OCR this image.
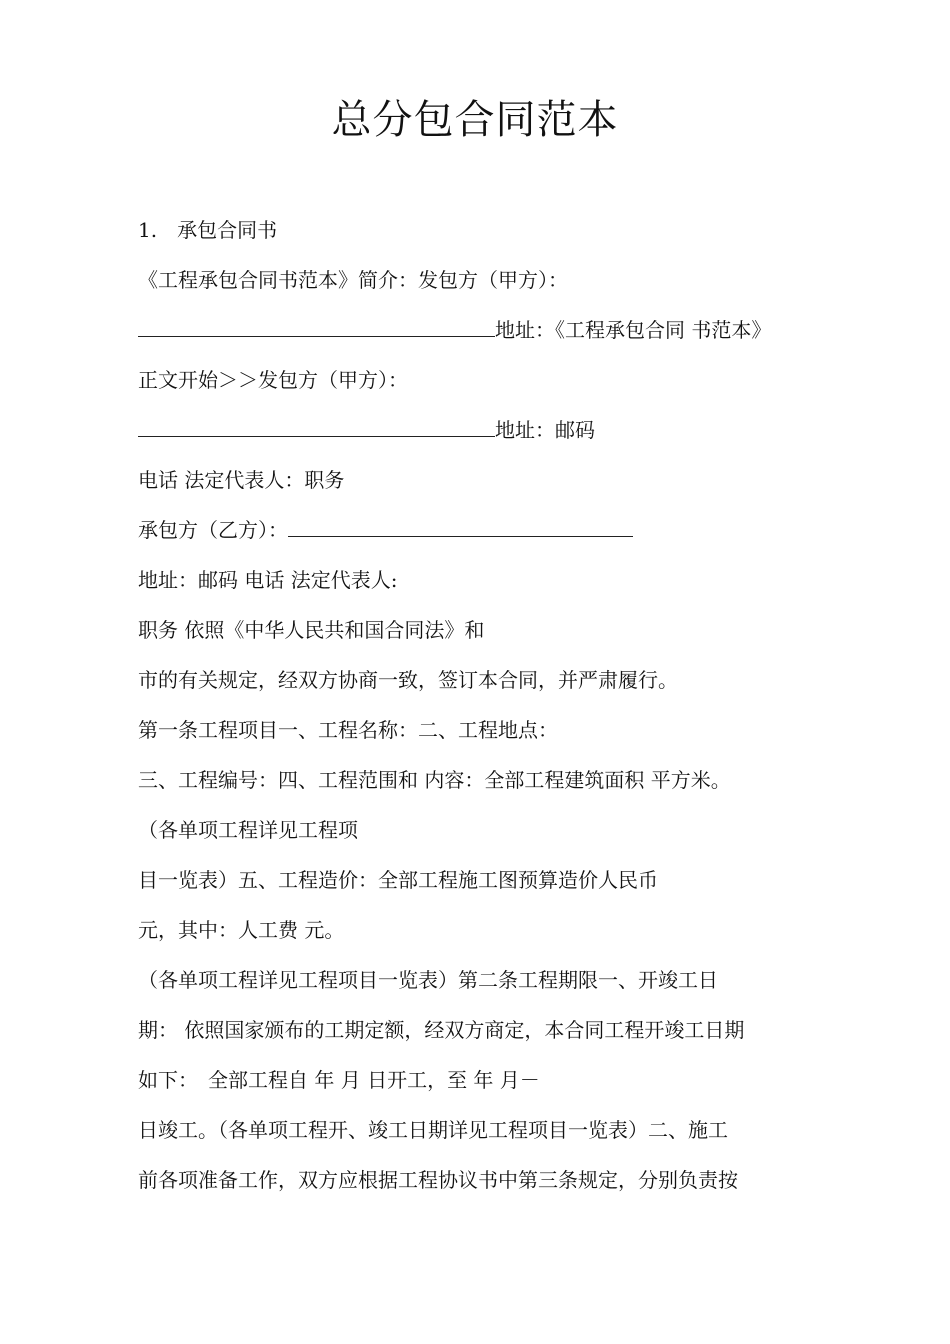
总分包合同范本
1.　承包合同书
《工程承包合同书范本》简介：发包方（甲方）：
地址：《工程承包合同 书范本》
正文开始＞＞发包方（甲方）：
地址：邮码
电话 法定代表人：职务
承包方（乙方）：
地址：邮码 电话 法定代表人:
职务 依照《中华人民共和国合同法》和
市的有关规定，经双方协商一致，签订本合同，并严肃履行。
第一条工程项目一、工程名称：二、工程地点：
三、工程编号：四、工程范围和 内容：全部工程建筑面积 平方米。
（各单项工程详见工程项
目一览表）五、工程造价：全部工程施工图预算造价人民币
元，其中：人工费 元。
（各单项工程详见工程项目一览表）第二条工程期限一、开竣工日
期： 依照国家颁布的工期定额，经双方商定，本合同工程开竣工日期
如下：　全部工程自 年 月 日开工，至 年 月－
日竣工。（各单项工程开、竣工日期详见工程项目一览表）二、施工
前各项准备工作，双方应根据工程协议书中第三条规定，分别负责按
